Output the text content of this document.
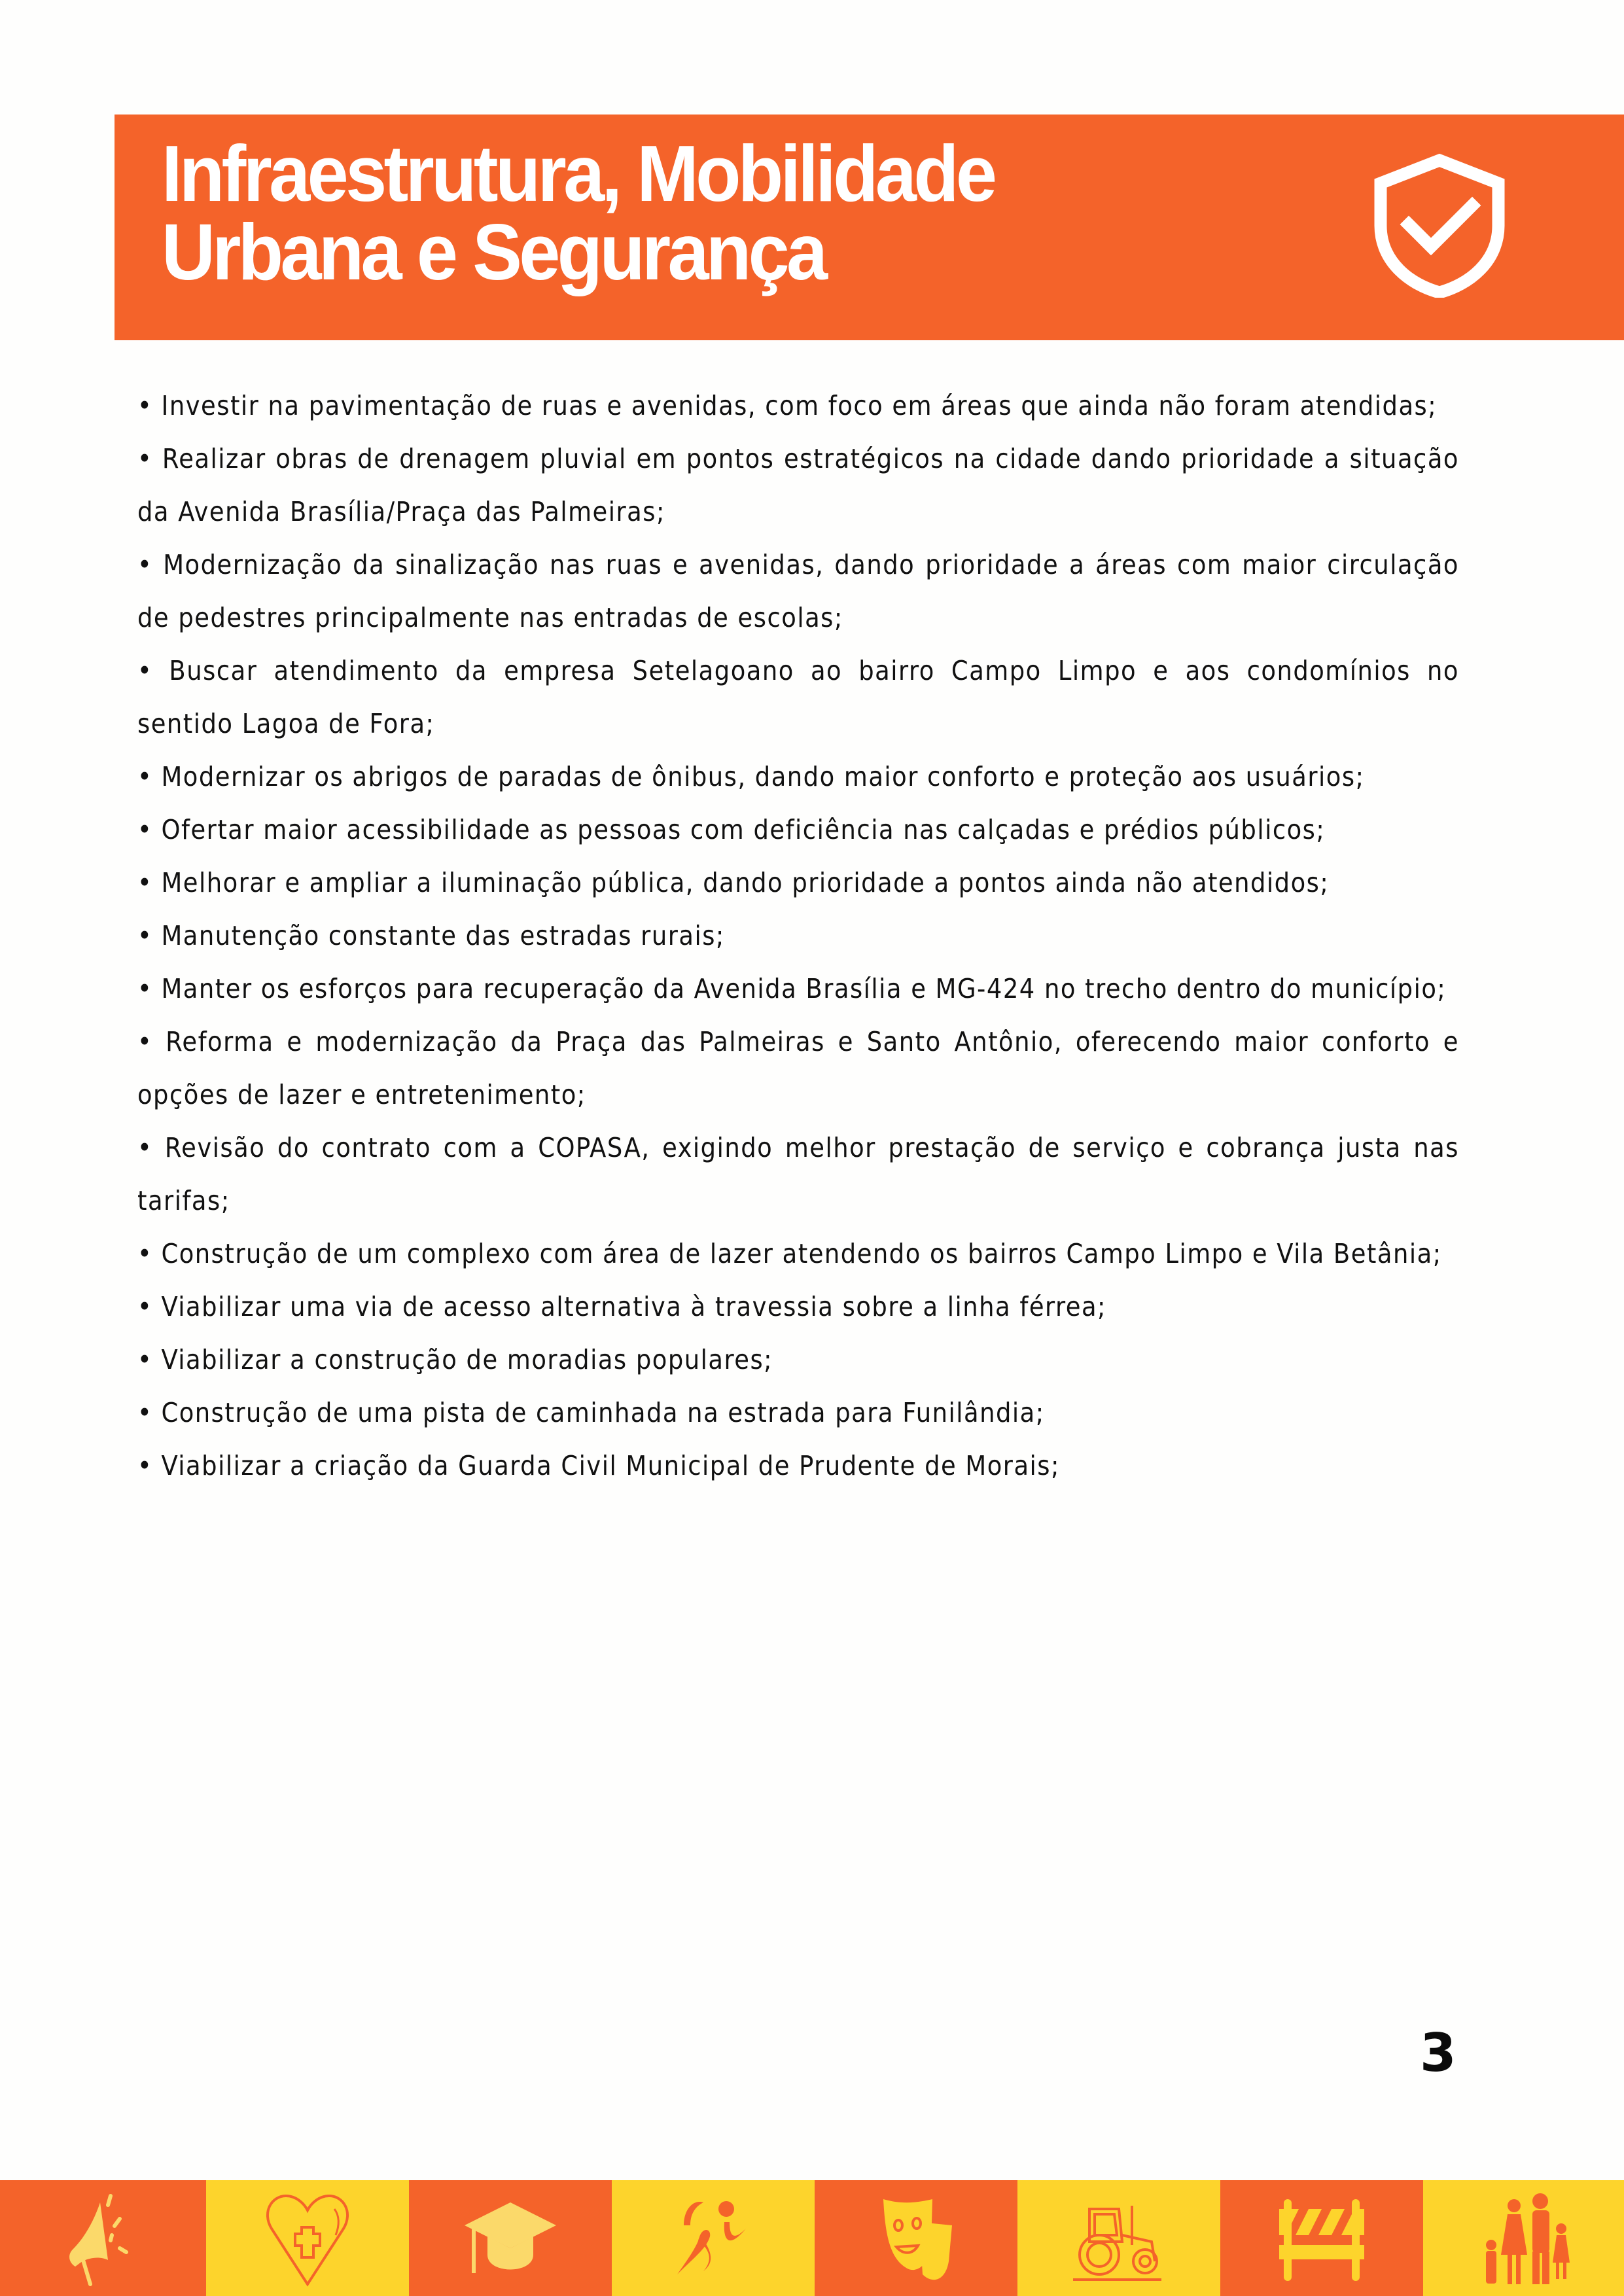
Infraestrutura, Mobilidade
Urbana e Segurança

• Investir na pavimentação de ruas e avenidas, com foco em áreas que ainda não foram atendidas;

• Realizar obras de drenagem pluvial em pontos estratégicos na cidade dando prioridade a situação da Avenida Brasília/Praça das Palmeiras;

• Modernização da sinalização nas ruas e avenidas, dando prioridade a áreas com maior circulação de pedestres principalmente nas entradas de escolas;

• Buscar atendimento da empresa Setelagoano ao bairro Campo Limpo e aos condomínios no sentido Lagoa de Fora;

• Modernizar os abrigos de paradas de ônibus, dando maior conforto e proteção aos usuários;

• Ofertar maior acessibilidade as pessoas com deficiência nas calçadas e prédios públicos;

• Melhorar e ampliar a iluminação pública, dando prioridade a pontos ainda não atendidos;

• Manutenção constante das estradas rurais;

• Manter os esforços para recuperação da Avenida Brasília e MG-424 no trecho dentro do município;

• Reforma e modernização da Praça das Palmeiras e Santo Antônio, oferecendo maior conforto e opções de lazer e entretenimento;

• Revisão do contrato com a COPASA, exigindo melhor prestação de serviço e cobrança justa nas tarifas;

• Construção de um complexo com área de lazer atendendo os bairros Campo Limpo e Vila Betânia;

• Viabilizar uma via de acesso alternativa à travessia sobre a linha férrea;

• Viabilizar a construção de moradias populares;

• Construção de uma pista de caminhada na estrada para Funilândia;

• Viabilizar a criação da Guarda Civil Municipal de Prudente de Morais;

3
